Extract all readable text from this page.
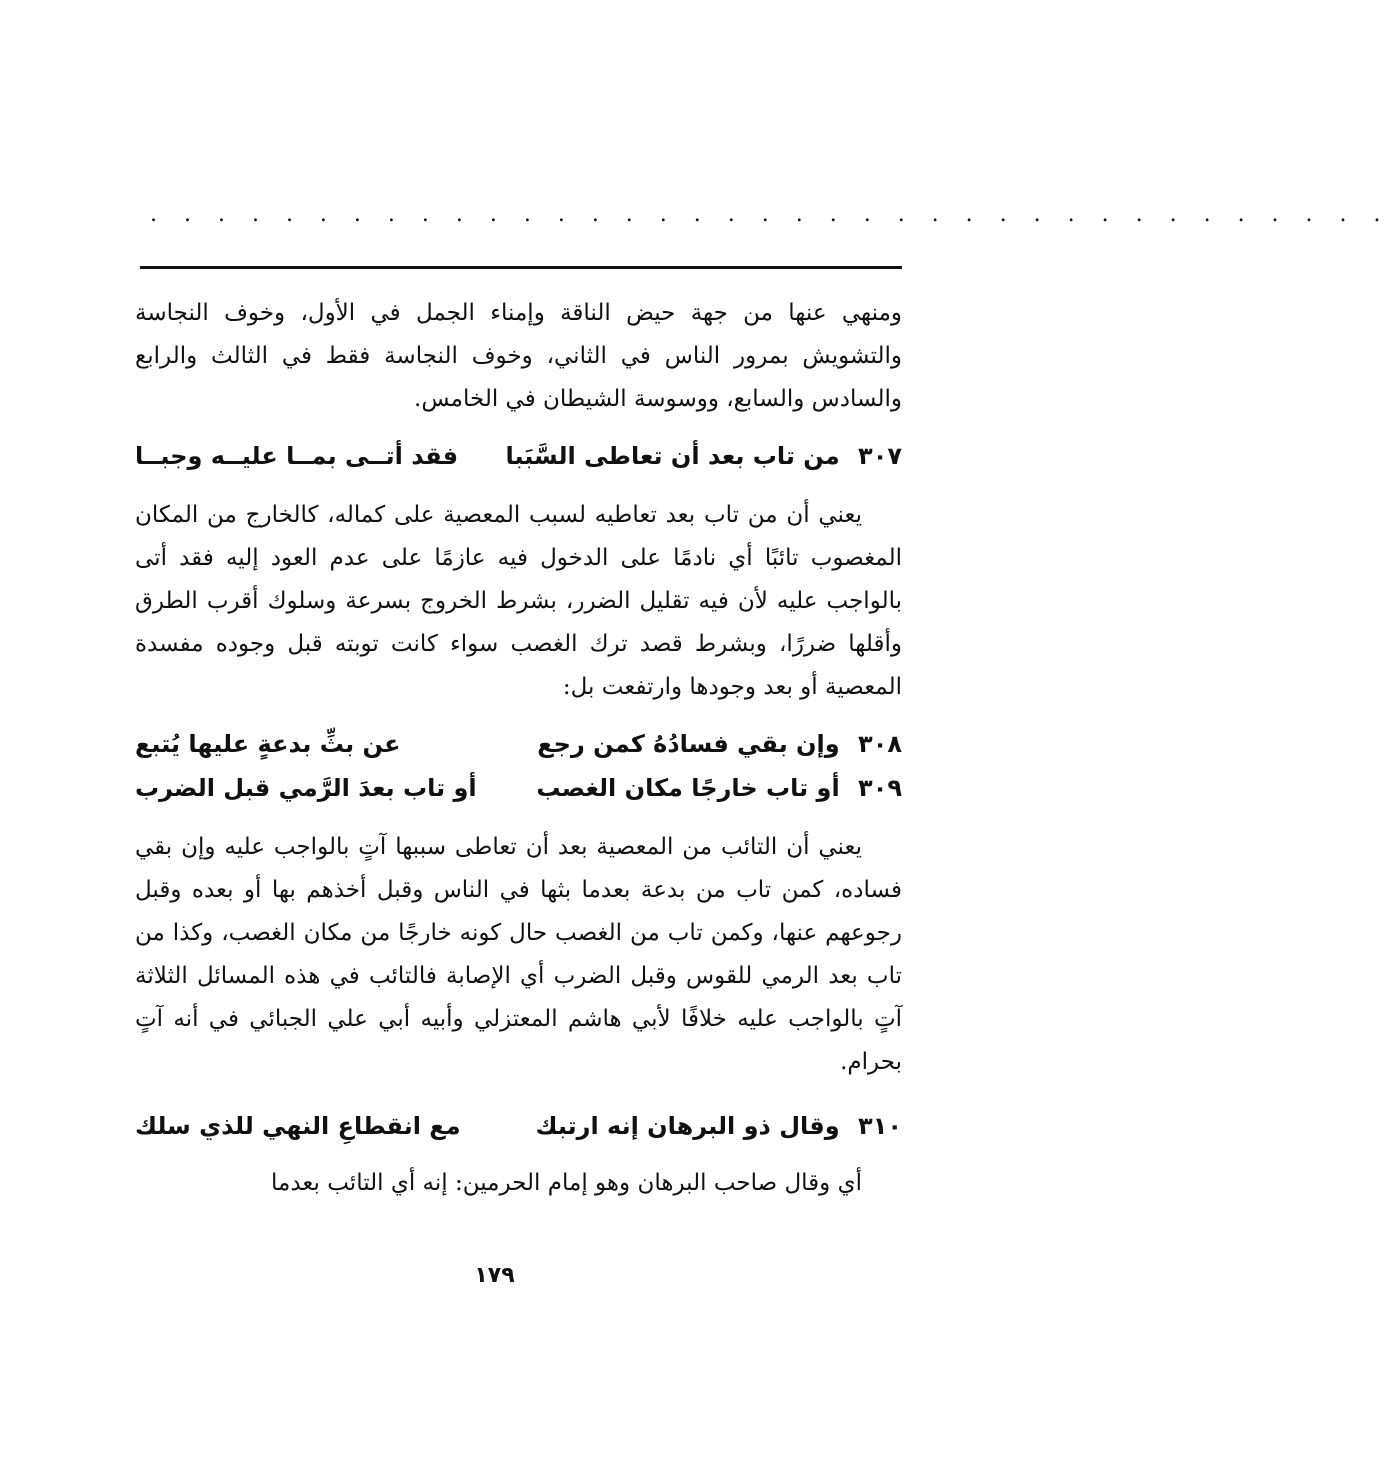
. . . . . . . . . . . . . . . . . . . . . . . . . . . . . . . . . . . . .

ومنهي عنها من جهة حيض الناقة وإمناء الجمل في الأول، وخوف النجاسة والتشويش بمرور الناس في الثاني، وخوف النجاسة فقط في الثالث والرابع والسادس والسابع، ووسوسة الشيطان في الخامس.

٣٠٧ من تاب بعد أن تعاطى السَّبَبا
فقد أتــى بمــا عليــه وجبــا

يعني أن من تاب بعد تعاطيه لسبب المعصية على كماله، كالخارج من المكان المغصوب تائبًا أي نادمًا على الدخول فيه عازمًا على عدم العود إليه فقد أتى بالواجب عليه لأن فيه تقليل الضرر، بشرط الخروج بسرعة وسلوك أقرب الطرق وأقلها ضررًا، وبشرط قصد ترك الغصب سواء كانت توبته قبل وجوده مفسدة المعصية أو بعد وجودها وارتفعت بل:

٣٠٨ وإن بقي فسادُهُ كمن رجع
عن بثِّ بدعةٍ عليها يُتبع
٣٠٩ أو تاب خارجًا مكان الغصب
أو تاب بعدَ الرَّمي قبل الضرب

يعني أن التائب من المعصية بعد أن تعاطى سببها آتٍ بالواجب عليه وإن بقي فساده، كمن تاب من بدعة بعدما بثها في الناس وقبل أخذهم بها أو بعده وقبل رجوعهم عنها، وكمن تاب من الغصب حال كونه خارجًا من مكان الغصب، وكذا من تاب بعد الرمي للقوس وقبل الضرب أي الإصابة فالتائب في هذه المسائل الثلاثة آتٍ بالواجب عليه خلافًا لأبي هاشم المعتزلي وأبيه أبي علي الجبائي في أنه آتٍ بحرام.

٣١٠ وقال ذو البرهان إنه ارتبك
مع انقطاعِ النهي للذي سلك

أي وقال صاحب البرهان وهو إمام الحرمين: إنه أي التائب بعدما

١٧٩
